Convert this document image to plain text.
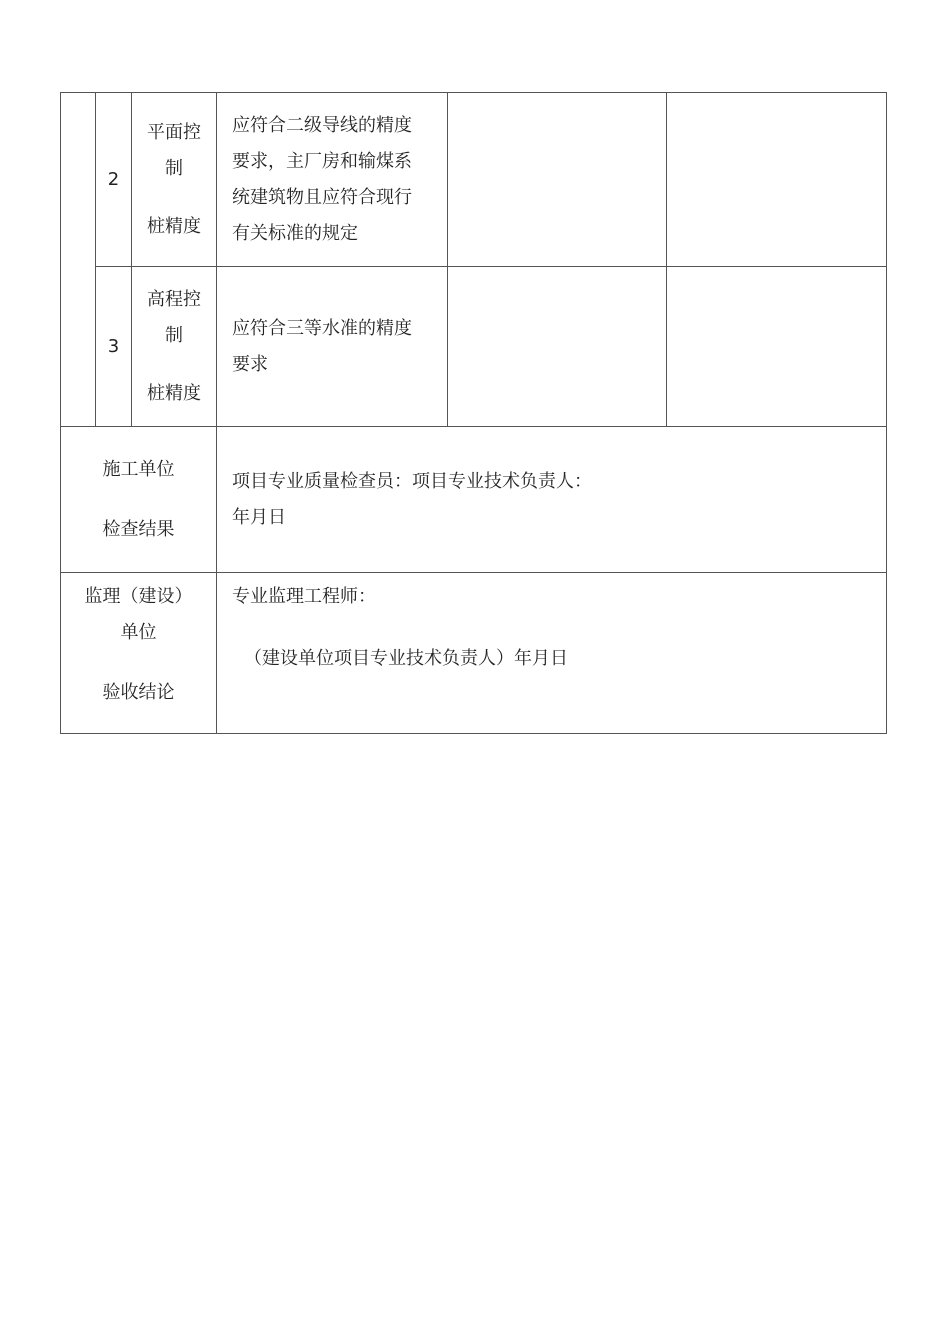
	2	平面控
制
桩精度	应符合二级导线的精度
要求，主厂房和输煤系
统建筑物且应符合现行
有关标准的规定		

	3	高程控
制
桩精度	应符合三等水准的精度
要求		

施工单位
检查结果			项目专业质量检查员：项目专业技术负责人：
年月日		

监理（建设）
单位
验收结论			专业监理工程师：
（建设单位项目专业技术负责人）年月日		
